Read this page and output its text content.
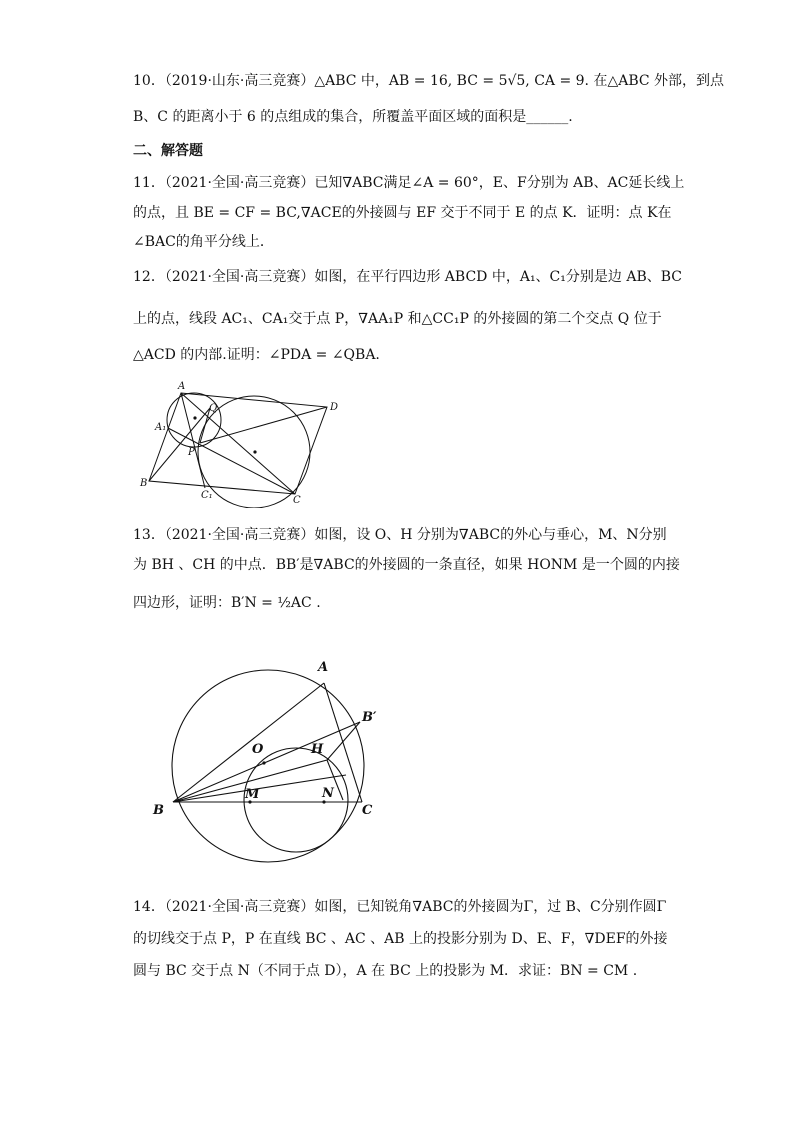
10．（2019·山东·高三竞赛）△ABC 中，AB = 16, BC = 5√5, CA = 9. 在△ABC 外部，到点
B、C 的距离小于 6 的点组成的集合，所覆盖平面区域的面积是______.
二、解答题
11．（2021·全国·高三竞赛）已知∇ABC满足∠A = 60°，E、F分别为 AB、AC延长线上
的点，且 BE = CF = BC,∇ACE的外接圆与 EF 交于不同于 E 的点 K．证明：点 K在
∠BAC的角平分线上．
12．（2021·全国·高三竞赛）如图，在平行四边形 ABCD 中，A₁、C₁分别是边 AB、BC
上的点，线段 AC₁、CA₁交于点 P，∇AA₁P 和△CC₁P 的外接圆的第二个交点 Q 位于
△ACD 的内部.证明：∠PDA = ∠QBA.
A
A₁
Q	D
P
B
C₁	C
13．（2021·全国·高三竞赛）如图，设 O、H 分别为∇ABC的外心与垂心，M、N分别
为 BH 、CH 的中点．BB′是∇ABC的外接圆的一条直径，如果 HONM 是一个圆的内接
四边形，证明：B′N = ½AC .
A
B′
O	H
B
M	N
C
14．（2021·全国·高三竞赛）如图，已知锐角∇ABC的外接圆为Γ，过 B、C分别作圆Γ
的切线交于点 P，P 在直线 BC 、AC 、AB 上的投影分别为 D、E、F，∇DEF的外接
圆与 BC 交于点 N（不同于点 D），A 在 BC 上的投影为 M．求证：BN = CM .
